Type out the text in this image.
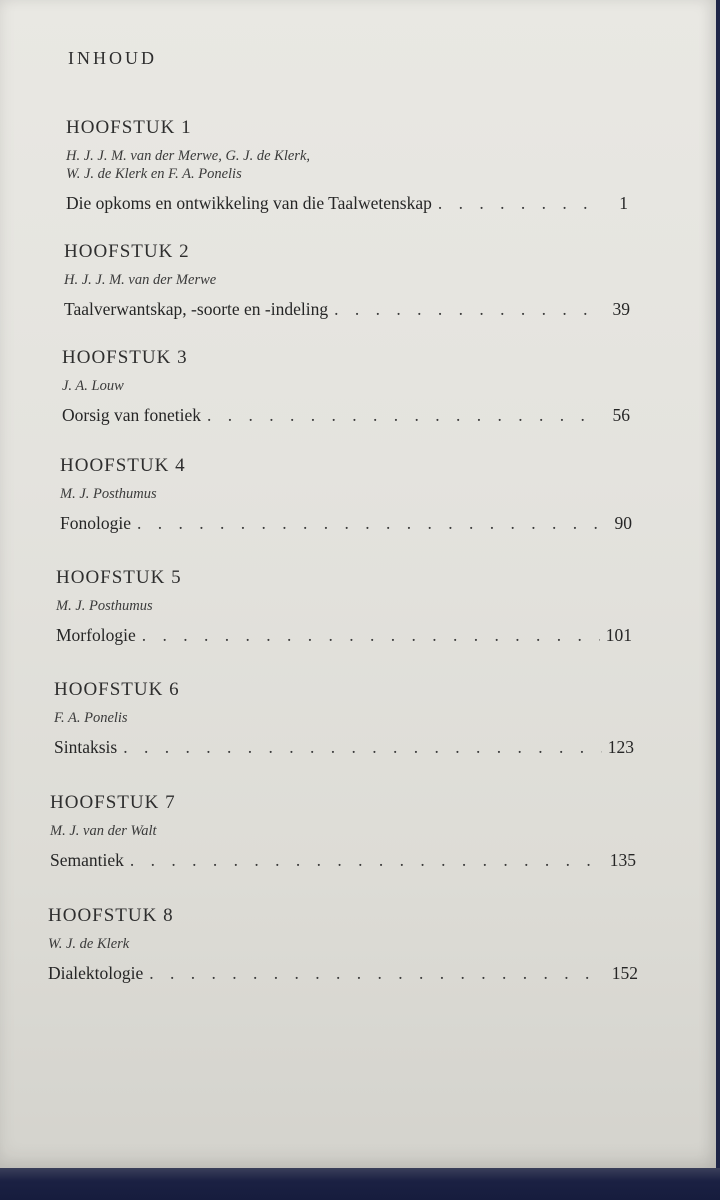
INHOUD
HOOFSTUK 1
H. J. J. M. van der Merwe, G. J. de Klerk,
W. J. de Klerk en F. A. Ponelis
Die opkoms en ontwikkeling van die Taalwetenskap . . .	1
HOOFSTUK 2
H. J. J. M. van der Merwe
Taalverwantskap, -soorte en -indeling . . .	39
HOOFSTUK 3
J. A. Louw
Oorsig van fonetiek . . .	56
HOOFSTUK 4
M. J. Posthumus
Fonologie . . .	90
HOOFSTUK 5
M. J. Posthumus
Morfologie . . .	101
HOOFSTUK 6
F. A. Ponelis
Sintaksis . . .	123
HOOFSTUK 7
M. J. van der Walt
Semantiek . . .	135
HOOFSTUK 8
W. J. de Klerk
Dialektologie . . .	152
